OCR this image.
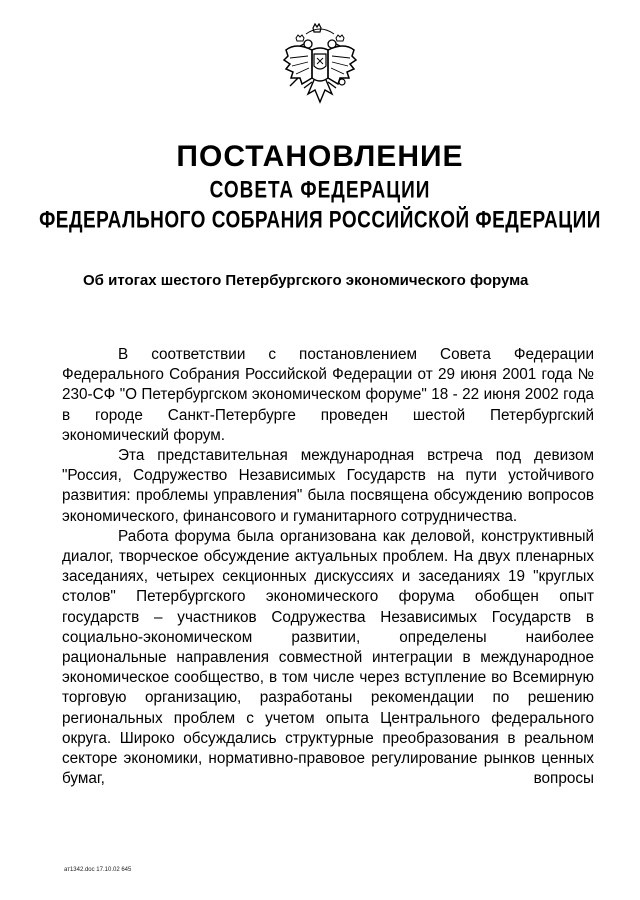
ПОСТАНОВЛЕНИЕ
СОВЕТА ФЕДЕРАЦИИ
ФЕДЕРАЛЬНОГО СОБРАНИЯ РОССИЙСКОЙ ФЕДЕРАЦИИ

Об итогах шестого Петербургского экономического форума

В соответствии с постановлением Совета Федерации Федерального Собрания Российской Федерации от 29 июня 2001 года № 230-СФ "О Петербургском экономическом форуме" 18 - 22 июня 2002 года в городе Санкт-Петербурге проведен шестой Петербургский экономический форум.

Эта представительная международная встреча под девизом "Россия, Содружество Независимых Государств на пути устойчивого развития: проблемы управления" была посвящена обсуждению вопросов экономического, финансового и гуманитарного сотрудничества.

Работа форума была организована как деловой, конструктивный диалог, творческое обсуждение актуальных проблем. На двух пленарных заседаниях, четырех секционных дискуссиях и заседаниях 19 "круглых столов" Петербургского экономического форума обобщен опыт государств – участников Содружества Независимых Государств в социально-экономическом развитии, определены наиболее рациональные направления совместной интеграции в международное экономическое сообщество, в том числе через вступление во Всемирную торговую организацию, разработаны рекомендации по решению региональных проблем с учетом опыта Центрального федерального округа. Широко обсуждались структурные преобразования в реальном секторе экономики, нормативно-правовое регулирование рынков ценных бумаг, вопросы

ат1342.doc 17.10.02 645
